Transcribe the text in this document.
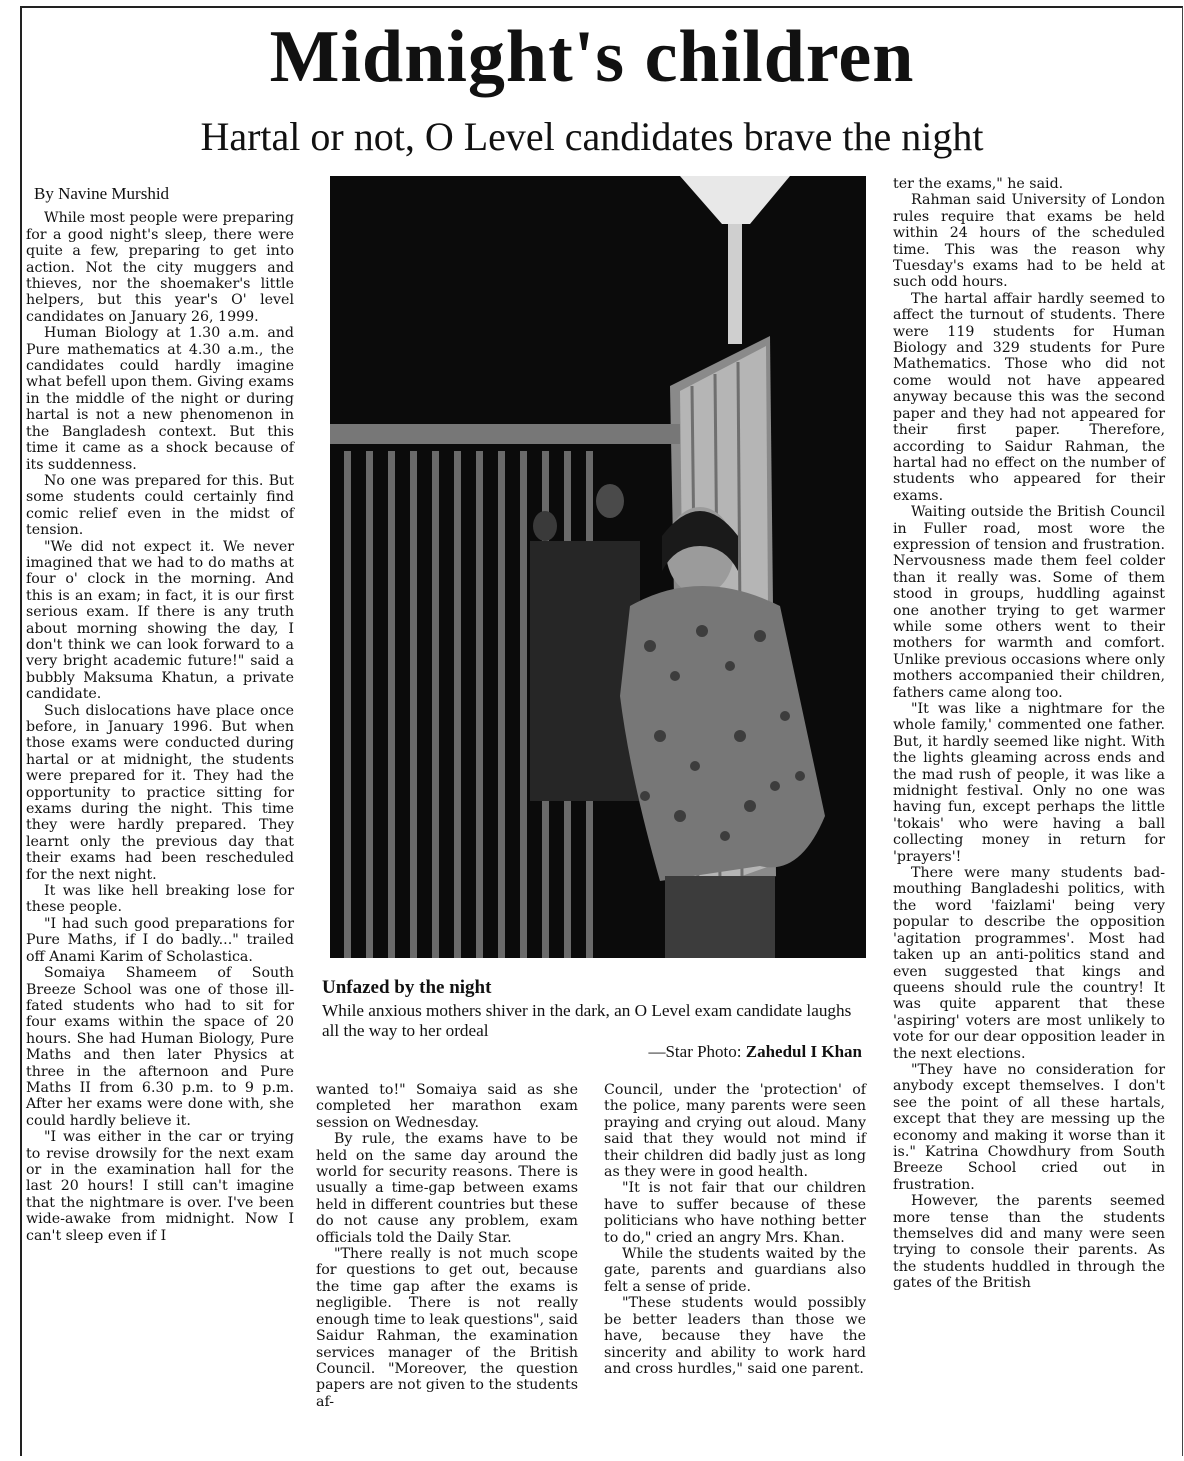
Midnight's children
Hartal or not, O Level candidates brave the night
By Navine Murshid

While most people were preparing for a good night's sleep, there were quite a few, preparing to get into action. Not the city muggers and thieves, nor the shoemaker's little helpers, but this year's O' level candidates on January 26, 1999.

Human Biology at 1.30 a.m. and Pure mathematics at 4.30 a.m., the candidates could hardly imagine what befell upon them. Giving exams in the middle of the night or during hartal is not a new phenomenon in the Bangladesh context. But this time it came as a shock because of its suddenness.

No one was prepared for this. But some students could certainly find comic relief even in the midst of tension.

"We did not expect it. We never imagined that we had to do maths at four o' clock in the morning. And this is an exam; in fact, it is our first serious exam. If there is any truth about morning showing the day, I don't think we can look forward to a very bright academic future!" said a bubbly Maksuma Khatun, a private candidate.

Such dislocations have place once before, in January 1996. But when those exams were conducted during hartal or at midnight, the students were prepared for it. They had the opportunity to practice sitting for exams during the night. This time they were hardly prepared. They learnt only the previous day that their exams had been rescheduled for the next night.

It was like hell breaking lose for these people.

"I had such good preparations for Pure Maths, if I do badly..." trailed off Anami Karim of Scholastica.

Somaiya Shameem of South Breeze School was one of those ill-fated students who had to sit for four exams within the space of 20 hours. She had Human Biology, Pure Maths and then later Physics at three in the afternoon and Pure Maths II from 6.30 p.m. to 9 p.m. After her exams were done with, she could hardly believe it.

"I was either in the car or trying to revise drowsily for the next exam or in the examination hall for the last 20 hours! I still can't imagine that the nightmare is over. I've been wide-awake from midnight. Now I can't sleep even if I

Unfazed by the night

While anxious mothers shiver in the dark, an O Level exam candidate laughs all the way to her ordeal

—Star Photo: Zahedul I Khan

wanted to!" Somaiya said as she completed her marathon exam session on Wednesday.

By rule, the exams have to be held on the same day around the world for security reasons. There is usually a time-gap between exams held in different countries but these do not cause any problem, exam officials told the Daily Star.

"There really is not much scope for questions to get out, because the time gap after the exams is negligible. There is not really enough time to leak questions", said Saidur Rahman, the examination services manager of the British Council. "Moreover, the question papers are not given to the students af-

Council, under the 'protection' of the police, many parents were seen praying and crying out aloud. Many said that they would not mind if their children did badly just as long as they were in good health.

"It is not fair that our children have to suffer because of these politicians who have nothing better to do," cried an angry Mrs. Khan.

While the students waited by the gate, parents and guardians also felt a sense of pride.

"These students would possibly be better leaders than those we have, because they have the sincerity and ability to work hard and cross hurdles," said one parent.

ter the exams," he said.

Rahman said University of London rules require that exams be held within 24 hours of the scheduled time. This was the reason why Tuesday's exams had to be held at such odd hours.

The hartal affair hardly seemed to affect the turnout of students. There were 119 students for Human Biology and 329 students for Pure Mathematics. Those who did not come would not have appeared anyway because this was the second paper and they had not appeared for their first paper. Therefore, according to Saidur Rahman, the hartal had no effect on the number of students who appeared for their exams.

Waiting outside the British Council in Fuller road, most wore the expression of tension and frustration. Nervousness made them feel colder than it really was. Some of them stood in groups, huddling against one another trying to get warmer while some others went to their mothers for warmth and comfort. Unlike previous occasions where only mothers accompanied their children, fathers came along too.

"It was like a nightmare for the whole family,' commented one father. But, it hardly seemed like night. With the lights gleaming across ends and the mad rush of people, it was like a midnight festival. Only no one was having fun, except perhaps the little 'tokais' who were having a ball collecting money in return for 'prayers'!

There were many students bad-mouthing Bangladeshi politics, with the word 'faizlami' being very popular to describe the opposition 'agitation programmes'. Most had taken up an anti-politics stand and even suggested that kings and queens should rule the country! It was quite apparent that these 'aspiring' voters are most unlikely to vote for our dear opposition leader in the next elections.

"They have no consideration for anybody except themselves. I don't see the point of all these hartals, except that they are messing up the economy and making it worse than it is." Katrina Chowdhury from South Breeze School cried out in frustration.

However, the parents seemed more tense than the students themselves did and many were seen trying to console their parents. As the students huddled in through the gates of the British
